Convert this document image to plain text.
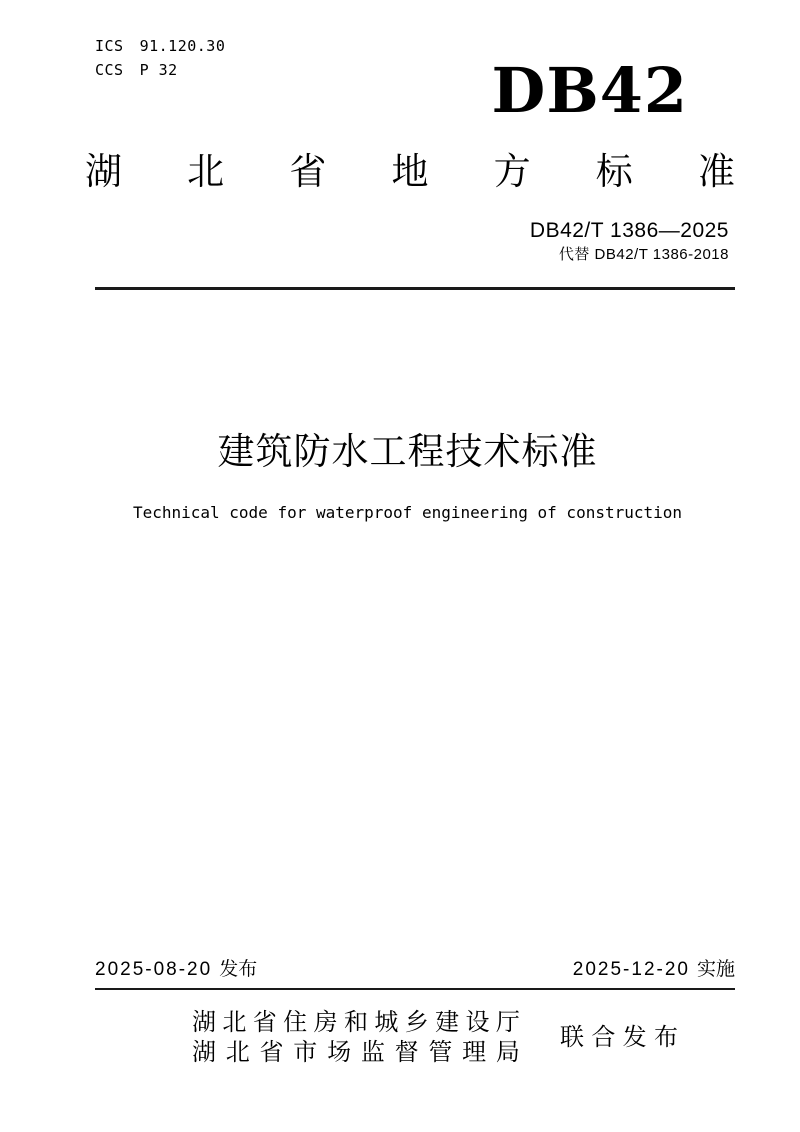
ICS 91.120.30
CCS P 32	DB42
湖 北 省 地 方 标 准
DB42/T 1386—2025
代替 DB42/T 1386-2018
建筑防水工程技术标准
Technical code for waterproof engineering of construction
2025-08-20 发布	2025-12-20 实施
湖 北 省 住 房 和 城 乡 建 设 厅
湖 北 省 市 场 监 督 管 理 局
联 合 发 布
